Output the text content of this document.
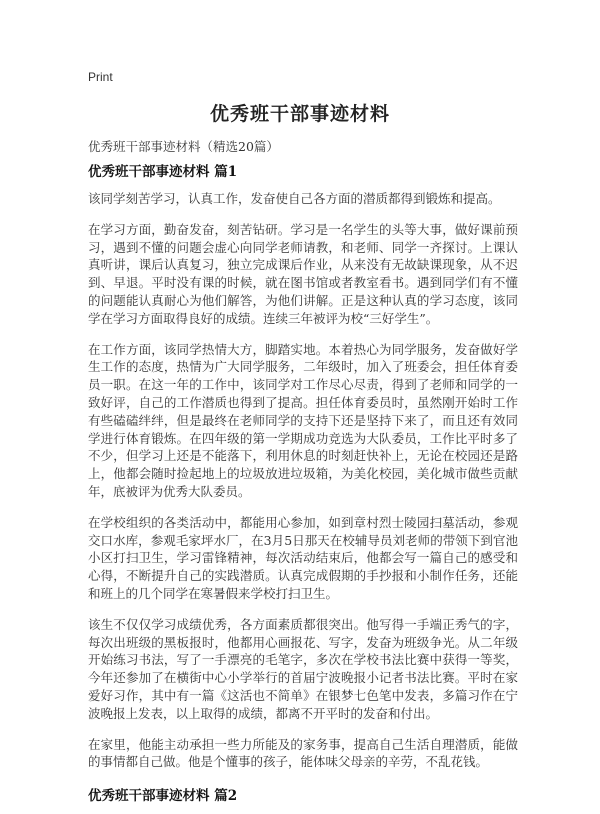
Print
优秀班干部事迹材料
优秀班干部事迹材料（精选20篇）
优秀班干部事迹材料 篇1

该同学刻苦学习，认真工作，发奋使自己各方面的潜质都得到锻炼和提高。

在学习方面，勤奋发奋，刻苦钻研。学习是一名学生的头等大事，做好课前预习，遇到不懂的问题会虚心向同学老师请教，和老师、同学一齐探讨。上课认真听讲，课后认真复习，独立完成课后作业，从来没有无故缺课现象，从不迟到、早退。平时没有课的时候，就在图书馆或者教室看书。遇到同学们有不懂的问题能认真耐心为他们解答，为他们讲解。正是这种认真的学习态度，该同学在学习方面取得良好的成绩。连续三年被评为校“三好学生”。

在工作方面，该同学热情大方，脚踏实地。本着热心为同学服务，发奋做好学生工作的态度，热情为广大同学服务，二年级时，加入了班委会，担任体育委员一职。在这一年的工作中，该同学对工作尽心尽责，得到了老师和同学的一致好评，自己的工作潜质也得到了提高。担任体育委员时，虽然刚开始时工作有些磕磕绊绊，但是最终在老师同学的支持下还是坚持下来了，而且还有效同学进行体育锻炼。在四年级的第一学期成功竞选为大队委员，工作比平时多了不少，但学习上还是不能落下，利用休息的时刻赶快补上，无论在校园还是路上，他都会随时捡起地上的垃圾放进垃圾箱，为美化校园，美化城市做些贡献年，底被评为优秀大队委员。

在学校组织的各类活动中，都能用心参加，如到章村烈士陵园扫墓活动，参观交口水库，参观毛家坪水厂，在3月5日那天在校辅导员刘老师的带领下到官池小区打扫卫生，学习雷锋精神，每次活动结束后，他都会写一篇自己的感受和心得，不断提升自己的实践潜质。认真完成假期的手抄报和小制作任务，还能和班上的几个同学在寒暑假来学校打扫卫生。

该生不仅仅学习成绩优秀，各方面素质都很突出。他写得一手端正秀气的字，每次出班级的黑板报时，他都用心画报花、写字，发奋为班级争光。从二年级开始练习书法，写了一手漂亮的毛笔字，多次在学校书法比赛中获得一等奖，今年还参加了在横街中心小学举行的首届宁波晚报小记者书法比赛。平时在家爱好习作，其中有一篇《这活也不简单》在银梦七色笔中发表，多篇习作在宁波晚报上发表，以上取得的成绩，都离不开平时的发奋和付出。

在家里，他能主动承担一些力所能及的家务事，提高自己生活自理潜质，能做的事情都自己做。他是个懂事的孩子，能体味父母亲的辛劳，不乱花钱。

优秀班干部事迹材料 篇2
